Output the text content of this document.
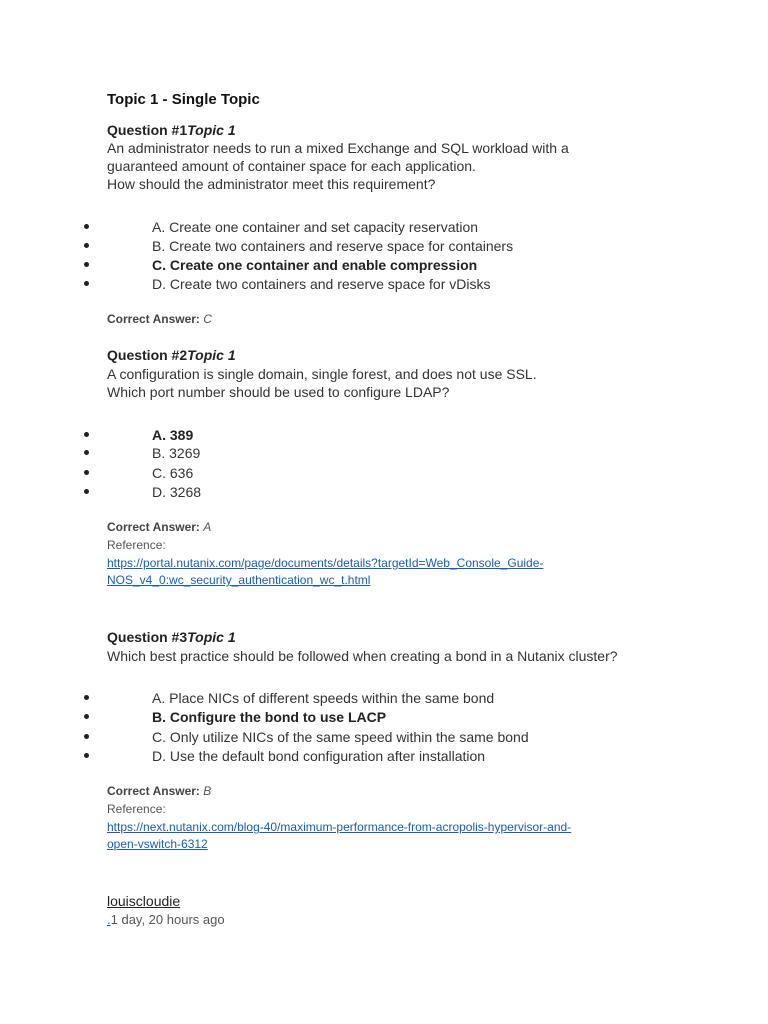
Topic 1 - Single Topic
Question #1Topic 1
An administrator needs to run a mixed Exchange and SQL workload with a
guaranteed amount of container space for each application.
How should the administrator meet this requirement?
A. Create one container and set capacity reservation
B. Create two containers and reserve space for containers
C. Create one container and enable compression
D. Create two containers and reserve space for vDisks
Correct Answer: C
Question #2Topic 1
A configuration is single domain, single forest, and does not use SSL.
Which port number should be used to configure LDAP?
A. 389
B. 3269
C. 636
D. 3268
Correct Answer: A
Reference:
https://portal.nutanix.com/page/documents/details?targetId=Web_Console_Guide-
NOS_v4_0:wc_security_authentication_wc_t.html
Question #3Topic 1
Which best practice should be followed when creating a bond in a Nutanix cluster?
A. Place NICs of different speeds within the same bond
B. Configure the bond to use LACP
C. Only utilize NICs of the same speed within the same bond
D. Use the default bond configuration after installation
Correct Answer: B
Reference:
https://next.nutanix.com/blog-40/maximum-performance-from-acropolis-hypervisor-and-
open-vswitch-6312
louiscloudie
.1 day, 20 hours ago
